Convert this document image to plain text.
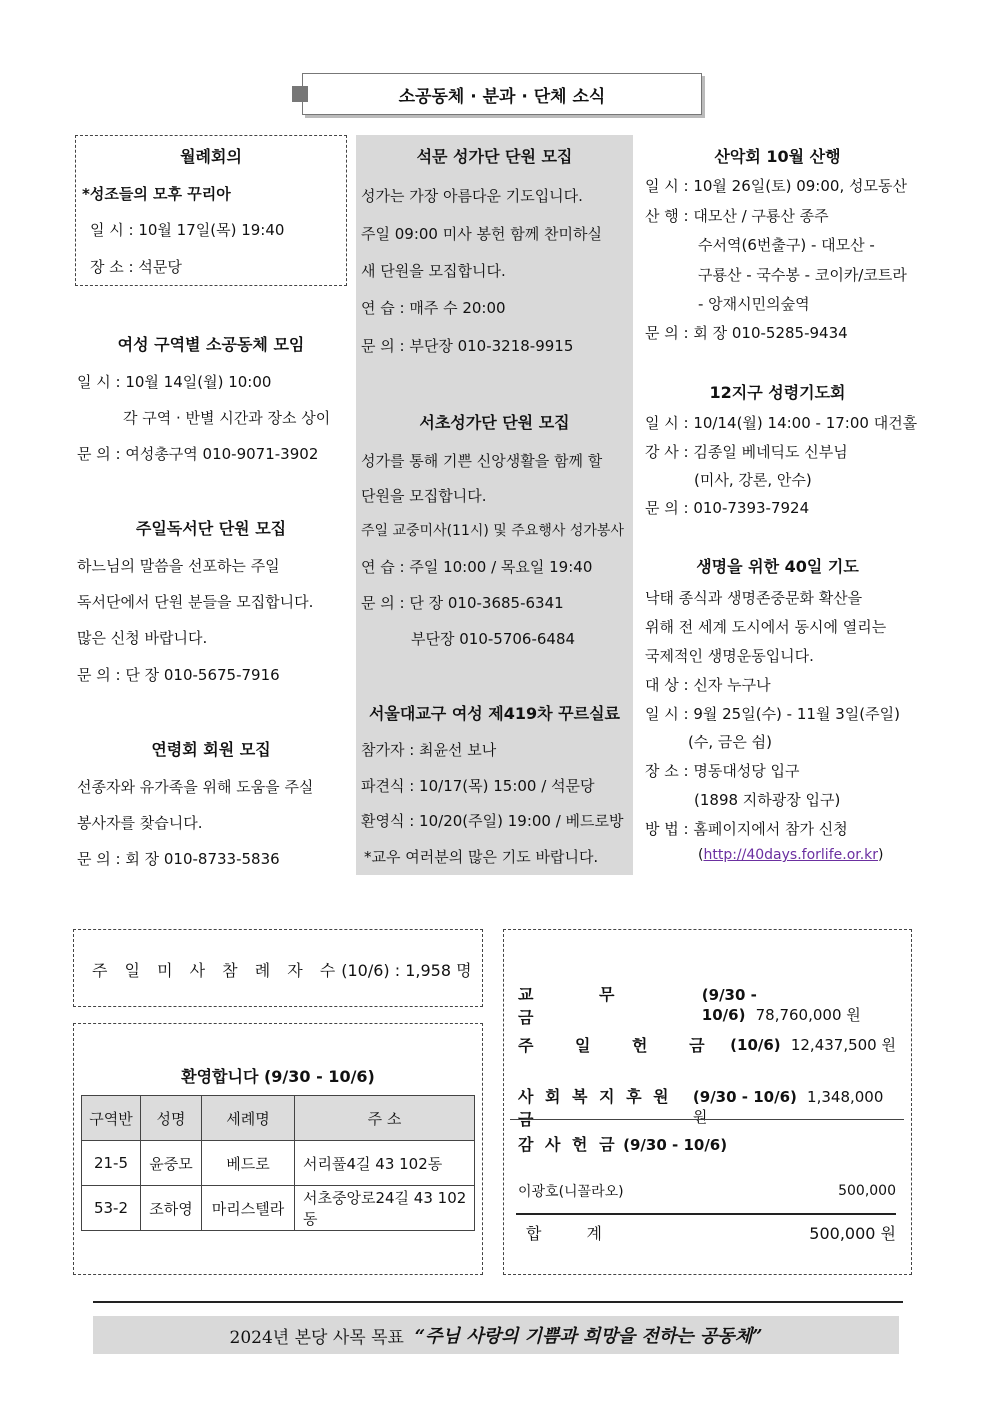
소공동체 · 분과 · 단체 소식
월례회의
*성조들의 모후 꾸리아
일 시 : 10월 17일(목) 19:40
장 소 : 석문당
여성 구역별 소공동체 모임
일 시 : 10월 14일(월) 10:00
각 구역 · 반별 시간과 장소 상이
문 의 : 여성총구역 010-9071-3902
주일독서단 단원 모집
하느님의 말씀을 선포하는 주일
독서단에서 단원 분들을 모집합니다.
많은 신청 바랍니다.
문 의 : 단 장 010-5675-7916
연령회 회원 모집
선종자와 유가족을 위해 도움을 주실
봉사자를 찾습니다.
문 의 : 회 장 010-8733-5836
석문 성가단 단원 모집
성가는 가장 아름다운 기도입니다.
주일 09:00 미사 봉헌 함께 찬미하실
새 단원을 모집합니다.
연 습 : 매주 수 20:00
문 의 : 부단장 010-3218-9915
서초성가단 단원 모집
성가를 통해 기쁜 신앙생활을 함께 할
단원을 모집합니다.
주일 교중미사(11시) 및 주요행사 성가봉사
연 습 : 주일 10:00 / 목요일 19:40
문 의 : 단 장 010-3685-6341
부단장 010-5706-6484
서울대교구 여성 제419차 꾸르실료
참가자 : 최윤선 보나
파견식 : 10/17(목) 15:00 / 석문당
환영식 : 10/20(주일) 19:00 / 베드로방
*교우 여러분의 많은 기도 바랍니다.
산악회 10월 산행
일 시 : 10월 26일(토) 09:00, 성모동산
산 행 : 대모산 / 구룡산 종주
수서역(6번출구) - 대모산 -
구룡산 - 국수봉 - 코이카/코트라
- 앙재시민의숲역
문 의 : 회 장 010-5285-9434
12지구 성령기도회
일 시 : 10/14(월) 14:00 - 17:00 대건홀
강 사 : 김종일 베네딕도 신부님
(미사, 강론, 안수)
문 의 : 010-7393-7924
생명을 위한 40일 기도
낙태 종식과 생명존중문화 확산을
위해 전 세계 도시에서 동시에 열리는
국제적인 생명운동입니다.
대 상 : 신자 누구나
일 시 : 9월 25일(수) - 11월 3일(주일)
(수, 금은 쉼)
장 소 : 명동대성당 입구
(1898 지하광장 입구)
방 법 : 홈페이지에서 참가 신청
(http://40days.forlife.or.kr)
주 일 미 사 참 례 자 수(10/6) : 1,958 명
환영합니다 (9/30 - 10/6)
구역반	성명	세례명	주 소
21-5	윤중모	베드로	서리풀4길 43 102동
53-2	조하영	마리스텔라	서초중앙로24길 43 102동
교 무 금
(9/30 - 10/6) 78,760,000 원
주 일 헌 금 (10/6) 12,437,500 원
사 회 복 지 후 원 금
(9/30 - 10/6) 1,348,000 원
감 사 헌 금 (9/30 - 10/6)
이광호(니꼴라오)	500,000
합 계	500,000 원
2024년 본당 사목 목표
“주님 사랑의 기쁨과 희망을 전하는 공동체”
